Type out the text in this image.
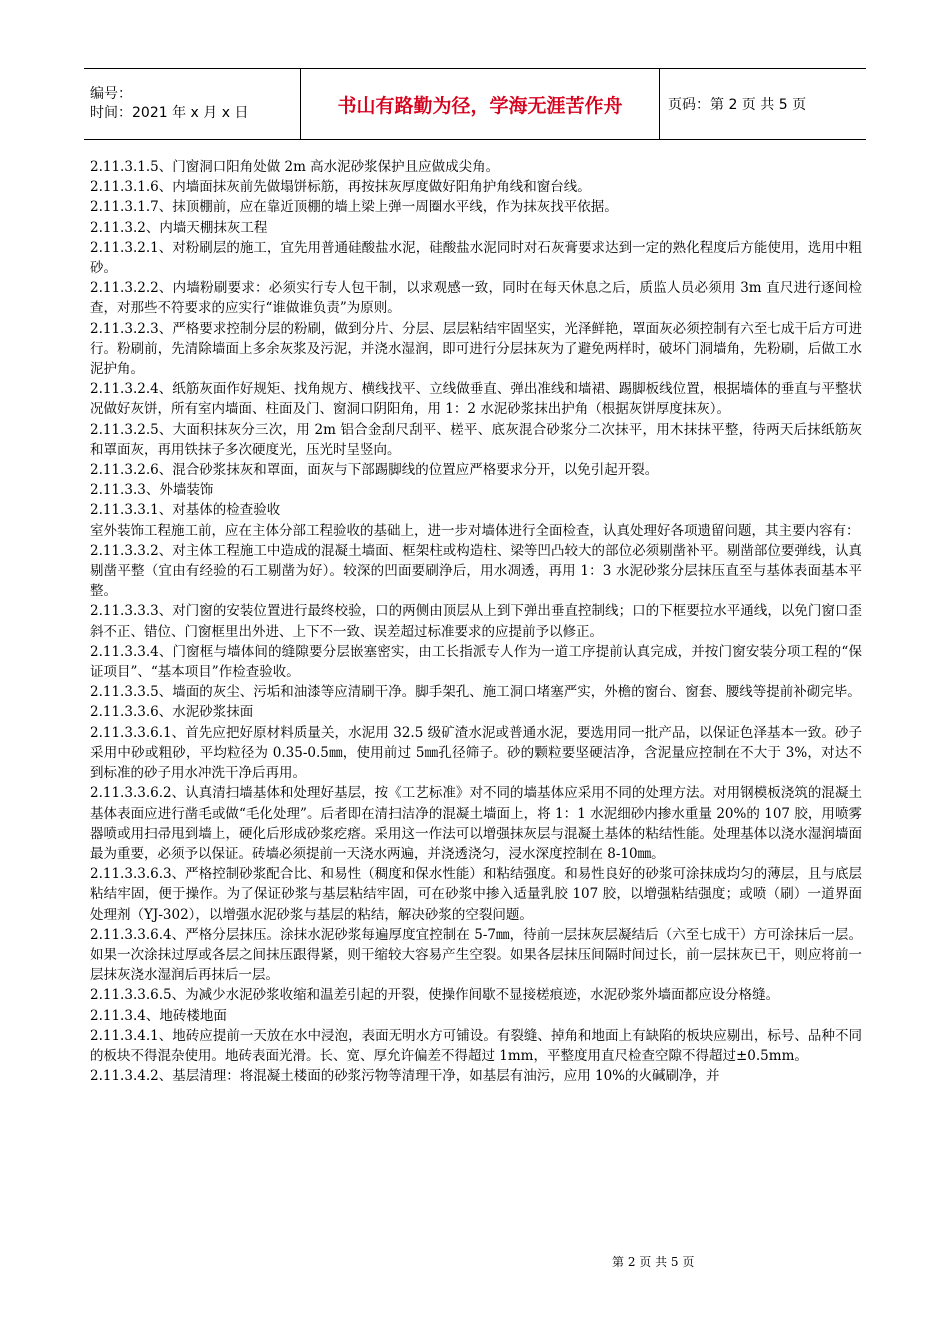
编号：
时间：2021 年 x 月 x 日	书山有路勤为径，学海无涯苦作舟	页码：第 2 页 共 5 页

2.11.3.1.5、门窗洞口阳角处做 2m 高水泥砂浆保护且应做成尖角。

2.11.3.1.6、内墙面抹灰前先做塌饼标筋，再按抹灰厚度做好阳角护角线和窗台线。

2.11.3.1.7、抹顶棚前，应在靠近顶棚的墙上梁上弹一周圈水平线，作为抹灰找平依据。

2.11.3.2、内墙天棚抹灰工程

2.11.3.2.1、对粉刷层的施工，宜先用普通硅酸盐水泥，硅酸盐水泥同时对石灰膏要求达到一定的熟化程度后方能使用，选用中粗砂。

2.11.3.2.2、内墙粉刷要求：必须实行专人包干制，以求观感一致，同时在每天休息之后，质监人员必须用 3m 直尺进行逐间检查，对那些不符要求的应实行“谁做谁负责”为原则。

2.11.3.2.3、严格要求控制分层的粉刷，做到分片、分层、层层粘结牢固坚实，光泽鲜艳，罩面灰必须控制有六至七成干后方可进行。粉刷前，先清除墙面上多余灰浆及污泥，并浇水湿润，即可进行分层抹灰为了避免两样时，破坏门洞墙角，先粉刷，后做工水泥护角。

2.11.3.2.4、纸筋灰面作好规矩、找角规方、横线找平、立线做垂直、弹出准线和墙裙、踢脚板线位置，根据墙体的垂直与平整状况做好灰饼，所有室内墙面、柱面及门、窗洞口阴阳角，用 1：2 水泥砂浆抹出护角（根据灰饼厚度抹灰）。

2.11.3.2.5、大面积抹灰分三次，用 2m 铝合金刮尺刮平、槎平、底灰混合砂浆分二次抹平，用木抹抹平整，待两天后抹纸筋灰和罩面灰，再用铁抹子多次硬度光，压光时呈竖向。

2.11.3.2.6、混合砂浆抹灰和罩面，面灰与下部踢脚线的位置应严格要求分开，以免引起开裂。

2.11.3.3、外墙装饰

2.11.3.3.1、对基体的检查验收

室外装饰工程施工前，应在主体分部工程验收的基础上，进一步对墙体进行全面检查，认真处理好各项遗留问题，其主要内容有：

2.11.3.3.2、对主体工程施工中造成的混凝土墙面、框架柱或构造柱、梁等凹凸较大的部位必须剔凿补平。剔凿部位要弹线，认真剔凿平整（宜由有经验的石工剔凿为好）。较深的凹面要刷浄后，用水凋透，再用 1：3 水泥砂浆分层抹压直至与基体表面基本平整。

2.11.3.3.3、对门窗的安装位置进行最终校验，口的两侧由顶层从上到下弹出垂直控制线；口的下框要拉水平通线，以免门窗口歪斜不正、错位、门窗框里出外进、上下不一致、误差超过标准要求的应提前予以修正。

2.11.3.3.4、门窗框与墙体间的缝隙要分层嵌塞密实，由工长指派专人作为一道工序提前认真完成，并按门窗安装分项工程的“保证项目”、“基本项目”作检查验收。

2.11.3.3.5、墙面的灰尘、污垢和油漆等应清刷干净。脚手架孔、施工洞口堵塞严实，外檐的窗台、窗套、腰线等提前补砌完毕。

2.11.3.3.6、水泥砂浆抹面

2.11.3.3.6.1、首先应把好原材料质量关，水泥用 32.5 级矿渣水泥或普通水泥，要选用同一批产品，以保证色泽基本一致。砂子采用中砂或粗砂，平均粒径为 0.35-0.5㎜，使用前过 5㎜孔径筛子。砂的颗粒要坚硬洁净，含泥量应控制在不大于 3%，对达不到标准的砂子用水冲洗干净后再用。

2.11.3.3.6.2、认真清扫墙基体和处理好基层，按《工艺标准》对不同的墙基体应采用不同的处理方法。对用钢模板浇筑的混凝土基体表面应进行凿毛或做“毛化处理”。后者即在清扫洁净的混凝土墙面上，将 1：1 水泥细砂内掺水重量 20%的 107 胶，用喷雾器喷或用扫帚甩到墙上，硬化后形成砂浆疙瘩。采用这一作法可以增强抹灰层与混凝土基体的粘结性能。处理基体以浇水湿润墙面最为重要，必须予以保证。砖墙必须提前一天浇水两遍，并浇透浇匀，浸水深度控制在 8-10㎜。

2.11.3.3.6.3、严格控制砂浆配合比、和易性（稠度和保水性能）和粘结强度。和易性良好的砂浆可涂抹成均匀的薄层，且与底层粘结牢固，便于操作。为了保证砂浆与基层粘结牢固，可在砂浆中掺入适量乳胶 107 胶，以增强粘结强度；或喷（刷）一道界面处理剂（YJ-302），以增强水泥砂浆与基层的粘结，解决砂浆的空裂问题。

2.11.3.3.6.4、严格分层抹压。涂抹水泥砂浆每遍厚度宜控制在 5-7㎜，待前一层抹灰层凝结后（六至七成干）方可涂抹后一层。如果一次涂抹过厚或各层之间抹压跟得紧，则干缩较大容易产生空裂。如果各层抹压间隔时间过长，前一层抹灰已干，则应将前一层抹灰浇水湿润后再抹后一层。

2.11.3.3.6.5、为减少水泥砂浆收缩和温差引起的开裂，使操作间歇不显接槎痕迹，水泥砂浆外墙面都应设分格缝。

2.11.3.4、地砖楼地面

2.11.3.4.1、地砖应提前一天放在水中浸泡，表面无明水方可铺设。有裂缝、掉角和地面上有缺陷的板块应剔出，标号、品种不同的板块不得混杂使用。地砖表面光滑。长、宽、厚允许偏差不得超过 1mm，平整度用直尺检查空隙不得超过±0.5mm。

2.11.3.4.2、基层清理：将混凝土楼面的砂浆污物等清理干净，如基层有油污，应用 10%的火碱刷净，并

第 2 页 共 5 页
